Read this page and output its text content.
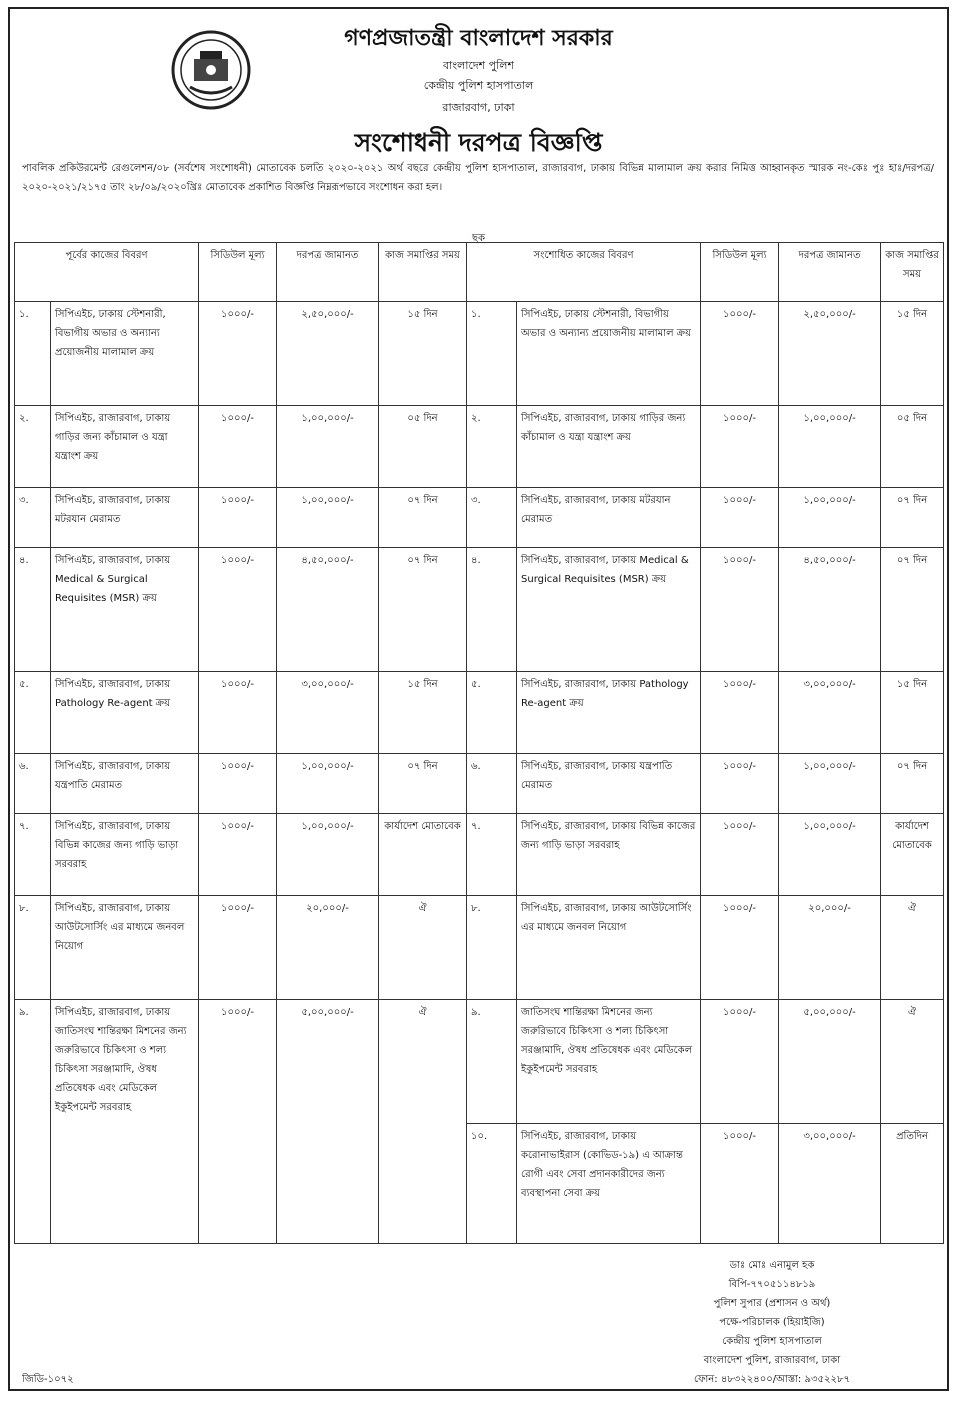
গণপ্রজাতন্ত্রী বাংলাদেশ সরকার
বাংলাদেশ পুলিশ
কেন্দ্রীয় পুলিশ হাসপাতাল
রাজারবাগ, ঢাকা
সংশোধনী দরপত্র বিজ্ঞপ্তি
পাবলিক প্রকিউরমেন্ট রেগুলেশন/০৮ (সর্বশেষ সংশোধনী) মোতাবেক চলতি ২০২০-২০২১ অর্থ বছরে কেন্দ্রীয় পুলিশ হাসপাতাল, রাজারবাগ, ঢাকায় বিভিন্ন মালামাল ক্রয় করার নিমিত্ত আহ্বানকৃত স্মারক নং-কেঃ পুঃ হাঃ/দরপত্র/২০২০-২০২১/২১৭৫ তাং ২৮/০৯/২০২০খ্রিঃ মোতাবেক প্রকাশিত বিজ্ঞপ্তি নিম্নরূপভাবে সংশোধন করা হল।
ছক
পূর্বের কাজের বিবরণ		সিডিউল মূল্য	দরপত্র জামানত	কাজ সমাপ্তির সময়	সংশোধিত কাজের বিবরণ		সিডিউল মূল্য	দরপত্র জামানত	কাজ সমাপ্তির সময়
১.	সিপিএইচ, ঢাকায় স্টেশনারী, বিভাগীয় অভার ও অন্যান্য প্রয়োজনীয় মালামাল ক্রয়	১০০০/-	২,৫০,০০০/-	১৫ দিন	১.	সিপিএইচ, ঢাকায় স্টেশনারী, বিভাগীয় অভার ও অন্যান্য প্রয়োজনীয় মালামাল ক্রয়	১০০০/-	২,৫০,০০০/-	১৫ দিন
২.	সিপিএইচ, রাজারবাগ, ঢাকায় গাড়ির জন্য কাঁচামাল ও যন্ত্রা যন্ত্রাংশ ক্রয়	১০০০/-	১,০০,০০০/-	০৫ দিন	২.	সিপিএইচ, রাজারবাগ, ঢাকায় গাড়ির জন্য কাঁচামাল ও যন্ত্রা যন্ত্রাংশ ক্রয়	১০০০/-	১,০০,০০০/-	০৫ দিন
৩.	সিপিএইচ, রাজারবাগ, ঢাকায় মটরযান মেরামত	১০০০/-	১,০০,০০০/-	০৭ দিন	৩.	সিপিএইচ, রাজারবাগ, ঢাকায় মটরযান মেরামত	১০০০/-	১,০০,০০০/-	০৭ দিন
৪.	সিপিএইচ, রাজারবাগ, ঢাকায় Medical & Surgical Requisites (MSR) ক্রয়	১০০০/-	৪,৫০,০০০/-	০৭ দিন	৪.	সিপিএইচ, রাজারবাগ, ঢাকায় Medical & Surgical Requisites (MSR) ক্রয়	১০০০/-	৪,৫০,০০০/-	০৭ দিন
৫.	সিপিএইচ, রাজারবাগ, ঢাকায় Pathology Re-agent ক্রয়	১০০০/-	৩,০০,০০০/-	১৫ দিন	৫.	সিপিএইচ, রাজারবাগ, ঢাকায় Pathology Re-agent ক্রয়	১০০০/-	৩,০০,০০০/-	১৫ দিন
৬.	সিপিএইচ, রাজারবাগ, ঢাকায় যন্ত্রপাতি মেরামত	১০০০/-	১,০০,০০০/-	০৭ দিন	৬.	সিপিএইচ, রাজারবাগ, ঢাকায় যন্ত্রপাতি মেরামত	১০০০/-	১,০০,০০০/-	০৭ দিন
৭.	সিপিএইচ, রাজারবাগ, ঢাকায় বিভিন্ন কাজের জন্য গাড়ি ভাড়া সরবরাহ	১০০০/-	১,০০,০০০/-	কার্যাদেশ মোতাবেক	৭.	সিপিএইচ, রাজারবাগ, ঢাকায় বিভিন্ন কাজের জন্য গাড়ি ভাড়া সরবরাহ	১০০০/-	১,০০,০০০/-	কার্যাদেশ মোতাবেক
৮.	সিপিএইচ, রাজারবাগ, ঢাকায় আউটসোর্সিং এর মাধ্যমে জনবল নিয়োগ	১০০০/-	২০,০০০/-	ঐ	৮.	সিপিএইচ, রাজারবাগ, ঢাকায় আউটসোর্সিং এর মাধ্যমে জনবল নিয়োগ	১০০০/-	২০,০০০/-	ঐ
৯.	সিপিএইচ, রাজারবাগ, ঢাকায় জাতিসংঘ শান্তিরক্ষা মিশনের জন্য জরুরিভাবে চিকিৎসা ও শল্য চিকিৎসা সরঞ্জামাদি, ঔষধ প্রতিষেধক এবং মেডিকেল ইকুইপমেন্ট সরবরাহ	১০০০/-	৫,০০,০০০/-	ঐ	৯.	জাতিসংঘ শান্তিরক্ষা মিশনের জন্য জরুরিভাবে চিকিৎসা ও শল্য চিকিৎসা সরঞ্জামাদি, ঔষধ প্রতিষেধক এবং মেডিকেল ইকুইপমেন্ট সরবরাহ	১০০০/-	৫,০০,০০০/-	ঐ
					১০.	সিপিএইচ, রাজারবাগ, ঢাকায় করোনাভাইরাস (কোভিড-১৯) এ আক্রান্ত রোগী এবং সেবা প্রদানকারীদের জন্য ব্যবস্থাপনা সেবা ক্রয়	১০০০/-	৩,০০,০০০/-	প্রতিদিন
ডাঃ মোঃ এনামুল হক
বিপি-৭৭০৫১১৪৮১৯
পুলিশ সুপার (প্রশাসন ও অর্থ)
পক্ষে-পরিচালক (হিয়াইজি)
কেন্দ্রীয় পুলিশ হাসপাতাল
বাংলাদেশ পুলিশ, রাজারবাগ, ঢাকা
ফোন: ৪৮৩২২৪০০/আস্তা: ৯৩৫২২৮৭
জিডি-১০৭২
